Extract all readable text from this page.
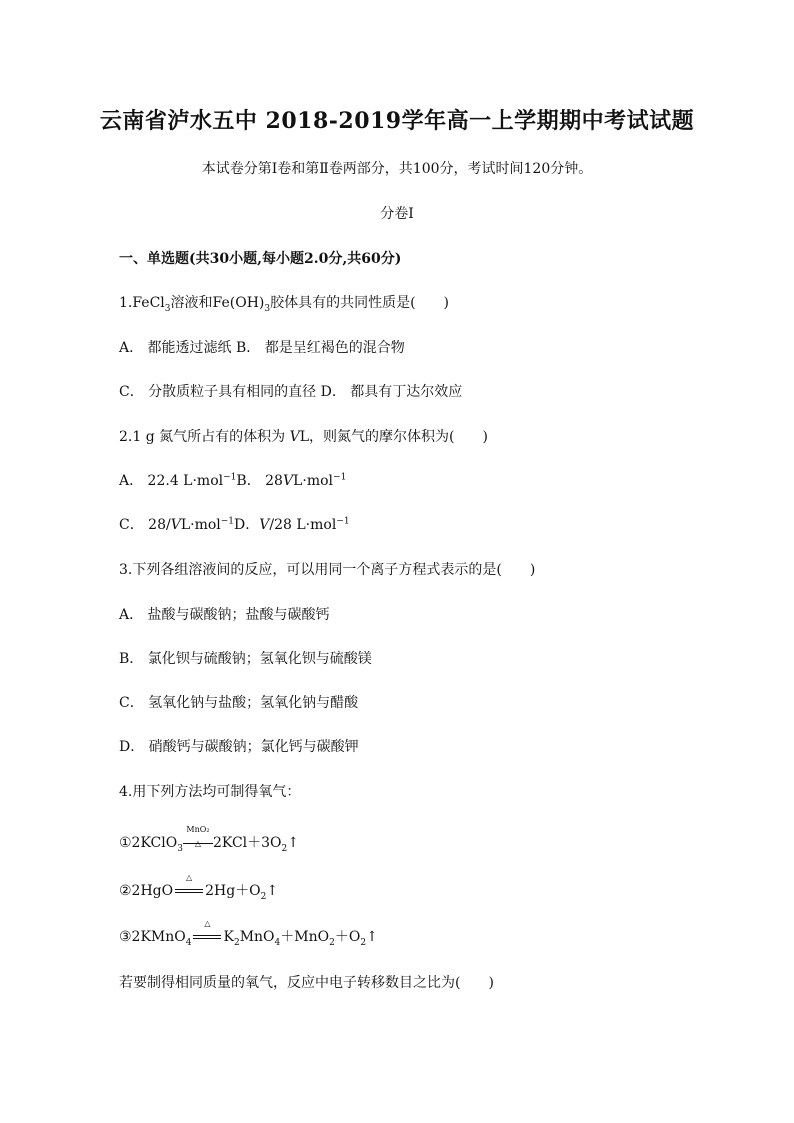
云南省泸水五中 2018-2019学年高一上学期期中考试试题
本试卷分第Ⅰ卷和第Ⅱ卷两部分，共100分，考试时间120分钟。
分卷I
一、单选题(共30小题,每小题2.0分,共60分)
1.FeCl$_3$溶液和$Fe(OH)_3$胶体具有的共同性质是(　　)
A． 都能透过滤纸 B． 都是呈红褐色的混合物
C． 分散质粒子具有相同的直径 D． 都具有丁达尔效应
2.1 g 氮气所占有的体积为 VL，则氮气的摩尔体积为(　　)
A． 22.4 L·mol$^{-1}$B． 28VL·mol$^{-1}$
C． 28/VL·mol$^{-1}$D．V/28 L·mol$^{-1}$
3.下列各组溶液间的反应，可以用同一个离子方程式表示的是(　　)
A． 盐酸与碳酸钠；盐酸与碳酸钙
B． 氯化钡与硫酸钠；氢氧化钡与硫酸镁
C． 氢氧化钠与盐酸；氢氧化钠与醋酸
D． 硝酸钙与碳酸钠；氯化钙与碳酸钾
4.用下列方法均可制得氧气：
①2KClO$_3$
MnO₂
△ $2KCl+3O_2↑$
②2HgO
△
$2Hg+O_2↑$
③2KMnO$_4$
△
$K_2MnO_4+MnO_2+O_2↑$
若要制得相同质量的氧气，反应中电子转移数目之比为(　　)
